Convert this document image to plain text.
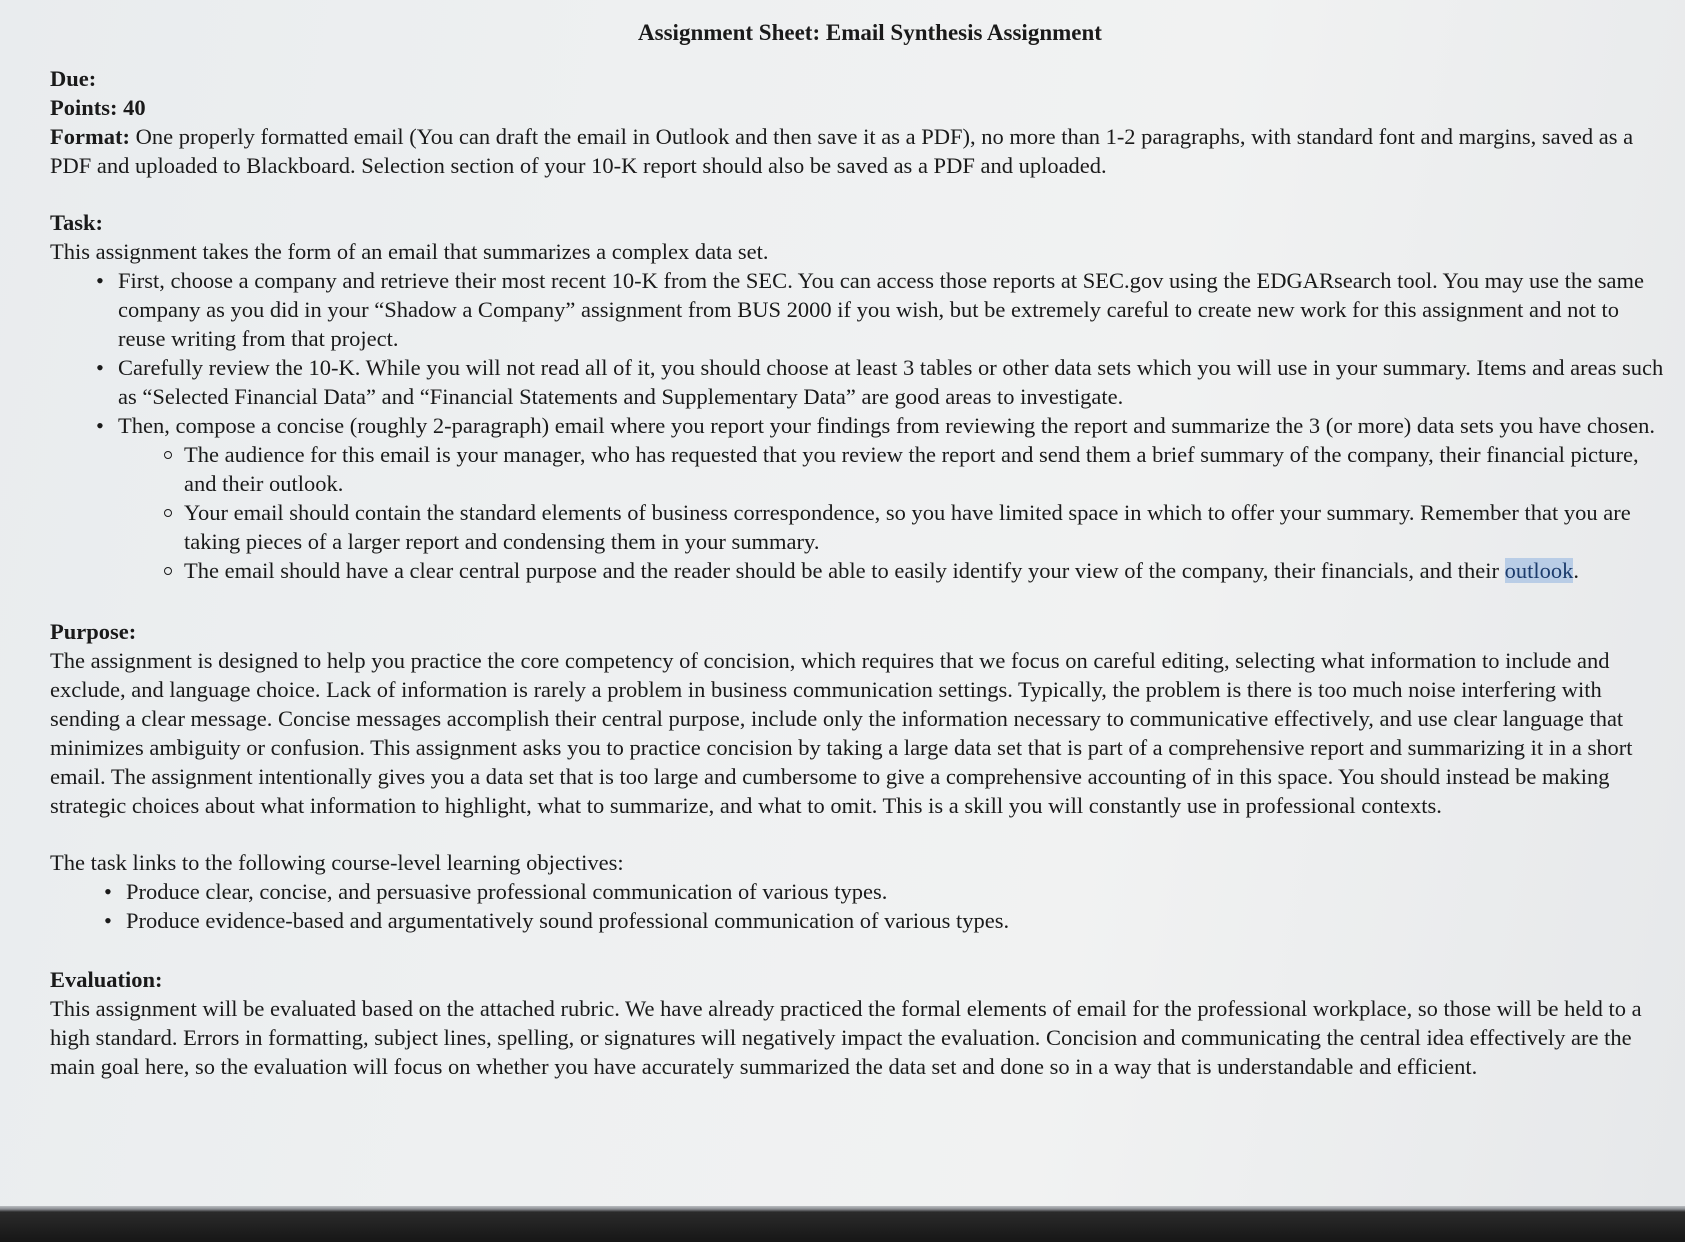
Assignment Sheet: Email Synthesis Assignment

Due:

Points: 40

Format: One properly formatted email (You can draft the email in Outlook and then save it as a PDF), no more than 1-2 paragraphs, with standard font and margins, saved as a PDF and uploaded to Blackboard. Selection section of your 10-K report should also be saved as a PDF and uploaded.

Task:

This assignment takes the form of an email that summarizes a complex data set.

• First, choose a company and retrieve their most recent 10-K from the SEC. You can access those reports at SEC.gov using the EDGARsearch tool. You may use the same company as you did in your “Shadow a Company” assignment from BUS 2000 if you wish, but be extremely careful to create new work for this assignment and not to reuse writing from that project.
• Carefully review the 10-K. While you will not read all of it, you should choose at least 3 tables or other data sets which you will use in your summary. Items and areas such as “Selected Financial Data” and “Financial Statements and Supplementary Data” are good areas to investigate.
• Then, compose a concise (roughly 2-paragraph) email where you report your findings from reviewing the report and summarize the 3 (or more) data sets you have chosen.
The audience for this email is your manager, who has requested that you review the report and send them a brief summary of the company, their financial picture, and their outlook.
Your email should contain the standard elements of business correspondence, so you have limited space in which to offer your summary. Remember that you are taking pieces of a larger report and condensing them in your summary.
The email should have a clear central purpose and the reader should be able to easily identify your view of the company, their financials, and their outlook.

Purpose:

The assignment is designed to help you practice the core competency of concision, which requires that we focus on careful editing, selecting what information to include and exclude, and language choice. Lack of information is rarely a problem in business communication settings. Typically, the problem is there is too much noise interfering with sending a clear message. Concise messages accomplish their central purpose, include only the information necessary to communicative effectively, and use clear language that minimizes ambiguity or confusion. This assignment asks you to practice concision by taking a large data set that is part of a comprehensive report and summarizing it in a short email. The assignment intentionally gives you a data set that is too large and cumbersome to give a comprehensive accounting of in this space. You should instead be making strategic choices about what information to highlight, what to summarize, and what to omit. This is a skill you will constantly use in professional contexts.

The task links to the following course-level learning objectives:

• Produce clear, concise, and persuasive professional communication of various types.
• Produce evidence-based and argumentatively sound professional communication of various types.

Evaluation:

This assignment will be evaluated based on the attached rubric. We have already practiced the formal elements of email for the professional workplace, so those will be held to a high standard. Errors in formatting, subject lines, spelling, or signatures will negatively impact the evaluation. Concision and communicating the central idea effectively are the main goal here, so the evaluation will focus on whether you have accurately summarized the data set and done so in a way that is understandable and efficient.
